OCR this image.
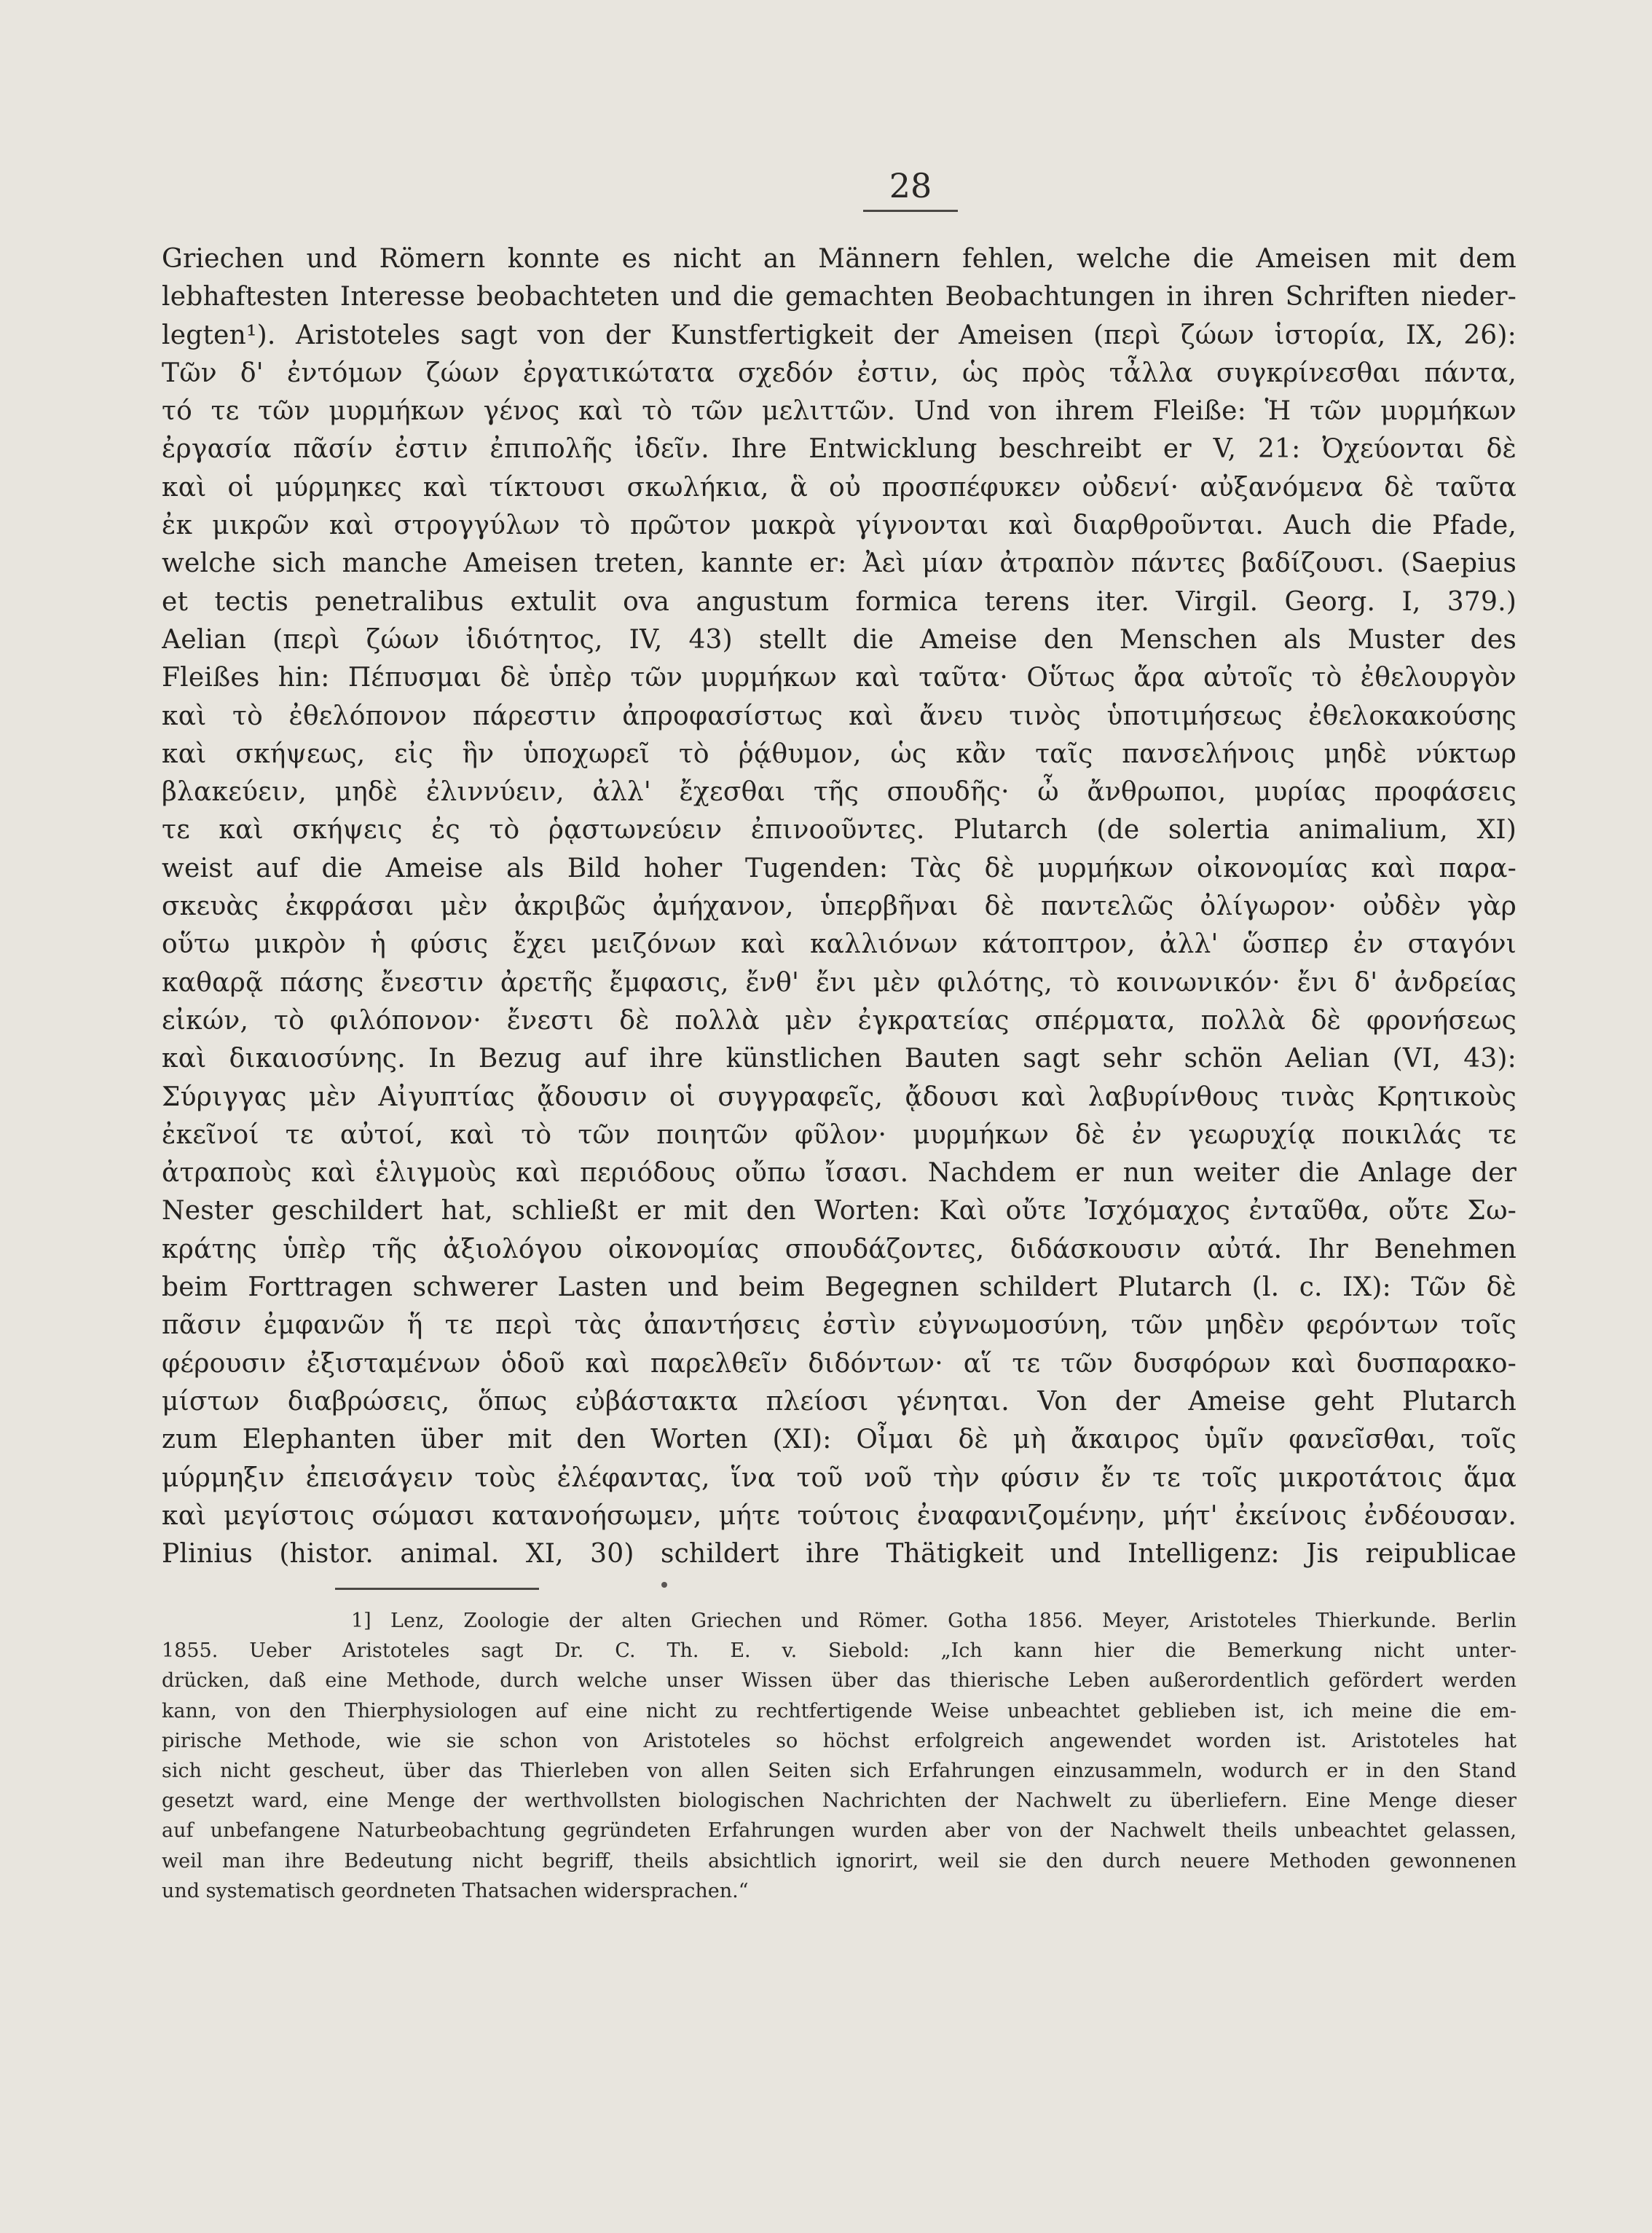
28
Griechen und Römern konnte es nicht an Männern fehlen, welche die Ameisen mit dem
lebhaftesten Interesse beobachteten und die gemachten Beobachtungen in ihren Schriften nieder-
legten¹). Aristoteles sagt von der Kunstfertigkeit der Ameisen (περὶ ζώων ἱστορία, IX, 26):
Τῶν δ' ἐντόμων ζώων ἐργατικώτατα σχεδόν ἐστιν, ὡς πρὸς τἆλλα συγκρίνεσθαι πάντα,
τό τε τῶν μυρμήκων γένος καὶ τὸ τῶν μελιττῶν. Und von ihrem Fleiße: Ἡ τῶν μυρμήκων
ἐργασία πᾶσίν ἐστιν ἐπιπολῆς ἰδεῖν. Ihre Entwicklung beschreibt er V, 21: Ὀχεύονται δὲ
καὶ οἱ μύρμηκες καὶ τίκτουσι σκωλήκια, ἃ οὐ προσπέφυκεν οὐδενί· αὐξανόμενα δὲ ταῦτα
ἐκ μικρῶν καὶ στρογγύλων τὸ πρῶτον μακρὰ γίγνονται καὶ διαρθροῦνται. Auch die Pfade,
welche sich manche Ameisen treten, kannte er: Ἀεὶ μίαν ἀτραπὸν πάντες βαδίζουσι. (Saepius
et tectis penetralibus extulit ova angustum formica terens iter. Virgil. Georg. I, 379.)
Aelian (περὶ ζώων ἰδιότητος, IV, 43) stellt die Ameise den Menschen als Muster des
Fleißes hin: Πέπυσμαι δὲ ὑπὲρ τῶν μυρμήκων καὶ ταῦτα· Οὕτως ἄρα αὐτοῖς τὸ ἐθελουργὸν
καὶ τὸ ἐθελόπονον πάρεστιν ἀπροφασίστως καὶ ἄνευ τινὸς ὑποτιμήσεως ἐθελοκακούσης
καὶ σκήψεως, εἰς ἣν ὑποχωρεῖ τὸ ῥᾴθυμον, ὡς κἂν ταῖς πανσελήνοις μηδὲ νύκτωρ
βλακεύειν, μηδὲ ἐλιννύειν, ἀλλ' ἔχεσθαι τῆς σπουδῆς· ὦ ἄνθρωποι, μυρίας προφάσεις
τε καὶ σκήψεις ἐς τὸ ῥᾳστωνεύειν ἐπινοοῦντες. Plutarch (de solertia animalium, XI)
weist auf die Ameise als Bild hoher Tugenden: Τὰς δὲ μυρμήκων οἰκονομίας καὶ παρα-
σκευὰς ἐκφράσαι μὲν ἀκριβῶς ἀμήχανον, ὑπερβῆναι δὲ παντελῶς ὀλίγωρον· οὐδὲν γὰρ
οὕτω μικρὸν ἡ φύσις ἔχει μειζόνων καὶ καλλιόνων κάτοπτρον, ἀλλ' ὥσπερ ἐν σταγόνι
καθαρᾷ πάσης ἔνεστιν ἀρετῆς ἔμφασις, ἔνθ' ἔνι μὲν φιλότης, τὸ κοινωνικόν· ἔνι δ' ἀνδρείας
εἰκών, τὸ φιλόπονον· ἔνεστι δὲ πολλὰ μὲν ἐγκρατείας σπέρματα, πολλὰ δὲ φρονήσεως
καὶ δικαιοσύνης. In Bezug auf ihre künstlichen Bauten sagt sehr schön Aelian (VI, 43):
Σύριγγας μὲν Αἰγυπτίας ᾄδουσιν οἱ συγγραφεῖς, ᾄδουσι καὶ λαβυρίνθους τινὰς Κρητικοὺς
ἐκεῖνοί τε αὐτοί, καὶ τὸ τῶν ποιητῶν φῦλον· μυρμήκων δὲ ἐν γεωρυχίᾳ ποικιλάς τε
ἀτραποὺς καὶ ἑλιγμοὺς καὶ περιόδους οὔπω ἴσασι. Nachdem er nun weiter die Anlage der
Nester geschildert hat, schließt er mit den Worten: Καὶ οὔτε Ἰσχόμαχος ἐνταῦθα, οὔτε Σω-
κράτης ὑπὲρ τῆς ἀξιολόγου οἰκονομίας σπουδάζοντες, διδάσκουσιν αὐτά. Ihr Benehmen
beim Forttragen schwerer Lasten und beim Begegnen schildert Plutarch (l. c. IX): Τῶν δὲ
πᾶσιν ἐμφανῶν ἥ τε περὶ τὰς ἀπαντήσεις ἐστὶν εὐγνωμοσύνη, τῶν μηδὲν φερόντων τοῖς
φέρουσιν ἐξισταμένων ὁδοῦ καὶ παρελθεῖν διδόντων· αἵ τε τῶν δυσφόρων καὶ δυσπαρακο-
μίστων διαβρώσεις, ὅπως εὐβάστακτα πλείοσι γένηται. Von der Ameise geht Plutarch
zum Elephanten über mit den Worten (XI): Οἶμαι δὲ μὴ ἄκαιρος ὑμῖν φανεῖσθαι, τοῖς
μύρμηξιν ἐπεισάγειν τοὺς ἐλέφαντας, ἵνα τοῦ νοῦ τὴν φύσιν ἔν τε τοῖς μικροτάτοις ἅμα
καὶ μεγίστοις σώμασι κατανοήσωμεν, μήτε τούτοις ἐναφανιζομένην, μήτ' ἐκείνοις ἐνδέουσαν.
Plinius (histor. animal. XI, 30) schildert ihre Thätigkeit und Intelligenz: Jis reipublicae
1] Lenz, Zoologie der alten Griechen und Römer. Gotha 1856. Meyer, Aristoteles Thierkunde. Berlin
1855. Ueber Aristoteles sagt Dr. C. Th. E. v. Siebold: „Ich kann hier die Bemerkung nicht unter-
drücken, daß eine Methode, durch welche unser Wissen über das thierische Leben außerordentlich gefördert werden
kann, von den Thierphysiologen auf eine nicht zu rechtfertigende Weise unbeachtet geblieben ist, ich meine die em-
pirische Methode, wie sie schon von Aristoteles so höchst erfolgreich angewendet worden ist. Aristoteles hat
sich nicht gescheut, über das Thierleben von allen Seiten sich Erfahrungen einzusammeln, wodurch er in den Stand
gesetzt ward, eine Menge der werthvollsten biologischen Nachrichten der Nachwelt zu überliefern. Eine Menge dieser
auf unbefangene Naturbeobachtung gegründeten Erfahrungen wurden aber von der Nachwelt theils unbeachtet gelassen,
weil man ihre Bedeutung nicht begriff, theils absichtlich ignorirt, weil sie den durch neuere Methoden gewonnenen
und systematisch geordneten Thatsachen widersprachen.“
